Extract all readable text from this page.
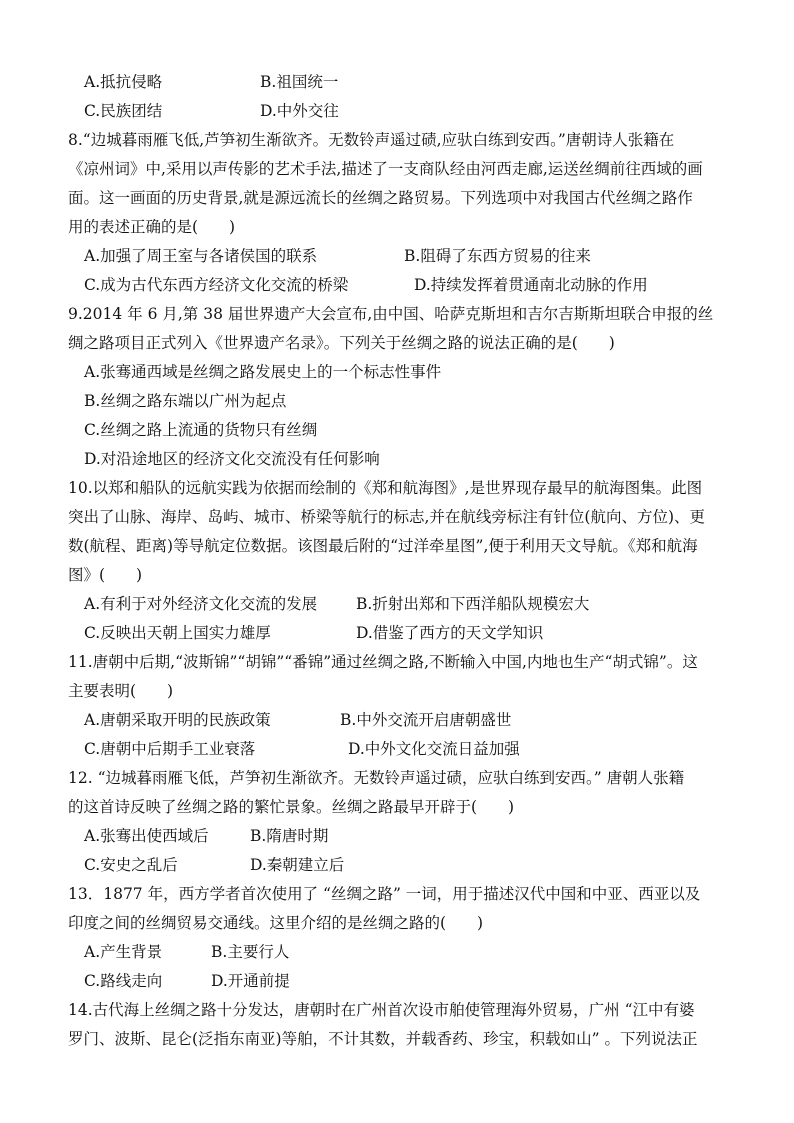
A.抵抗侵略	B.祖国统一
C.民族团结	D.中外交往
8.“边城暮雨雁飞低,芦笋初生渐欲齐。无数铃声遥过碛,应驮白练到安西。”唐朝诗人张籍在
《凉州词》中,采用以声传影的艺术手法,描述了一支商队经由河西走廊,运送丝绸前往西域的画
面。这一画面的历史背景,就是源远流长的丝绸之路贸易。下列选项中对我国古代丝绸之路作
用的表述正确的是(　　)
A.加强了周王室与各诸侯国的联系	B.阻碍了东西方贸易的往来
C.成为古代东西方经济文化交流的桥梁	D.持续发挥着贯通南北动脉的作用
9.2014 年 6 月,第 38 届世界遗产大会宣布,由中国、哈萨克斯坦和吉尔吉斯斯坦联合申报的丝
绸之路项目正式列入《世界遗产名录》。下列关于丝绸之路的说法正确的是(　　)
A.张骞通西域是丝绸之路发展史上的一个标志性事件
B.丝绸之路东端以广州为起点
C.丝绸之路上流通的货物只有丝绸
D.对沿途地区的经济文化交流没有任何影响
10.以郑和船队的远航实践为依据而绘制的《郑和航海图》,是世界现存最早的航海图集。此图
突出了山脉、海岸、岛屿、城市、桥梁等航行的标志,并在航线旁标注有针位(航向、方位)、更
数(航程、距离)等导航定位数据。该图最后附的“过洋牵星图”,便于利用天文导航。《郑和航海
图》(　　)
A.有利于对外经济文化交流的发展	B.折射出郑和下西洋船队规模宏大
C.反映出天朝上国实力雄厚	D.借鉴了西方的天文学知识
11.唐朝中后期,“波斯锦”“胡锦”“番锦”通过丝绸之路,不断输入中国,内地也生产“胡式锦”。这
主要表明(　　)
A.唐朝采取开明的民族政策	B.中外交流开启唐朝盛世
C.唐朝中后期手工业衰落	D.中外文化交流日益加强
12. “边城暮雨雁飞低，芦笋初生渐欲齐。无数铃声遥过碛，应驮白练到安西。” 唐朝人张籍
的这首诗反映了丝绸之路的繁忙景象。丝绸之路最早开辟于(　　)
A.张骞出使西域后	B.隋唐时期
C.安史之乱后	D.秦朝建立后
13．1877 年，西方学者首次使用了 “丝绸之路” 一词，用于描述汉代中国和中亚、西亚以及
印度之间的丝绸贸易交通线。这里介绍的是丝绸之路的(　　)
A.产生背景	B.主要行人
C.路线走向	D.开通前提
14.古代海上丝绸之路十分发达，唐朝时在广州首次设市舶使管理海外贸易，广州 “江中有婆
罗门、波斯、昆仑(泛指东南亚)等舶，不计其数，并载香药、珍宝，积载如山” 。下列说法正
